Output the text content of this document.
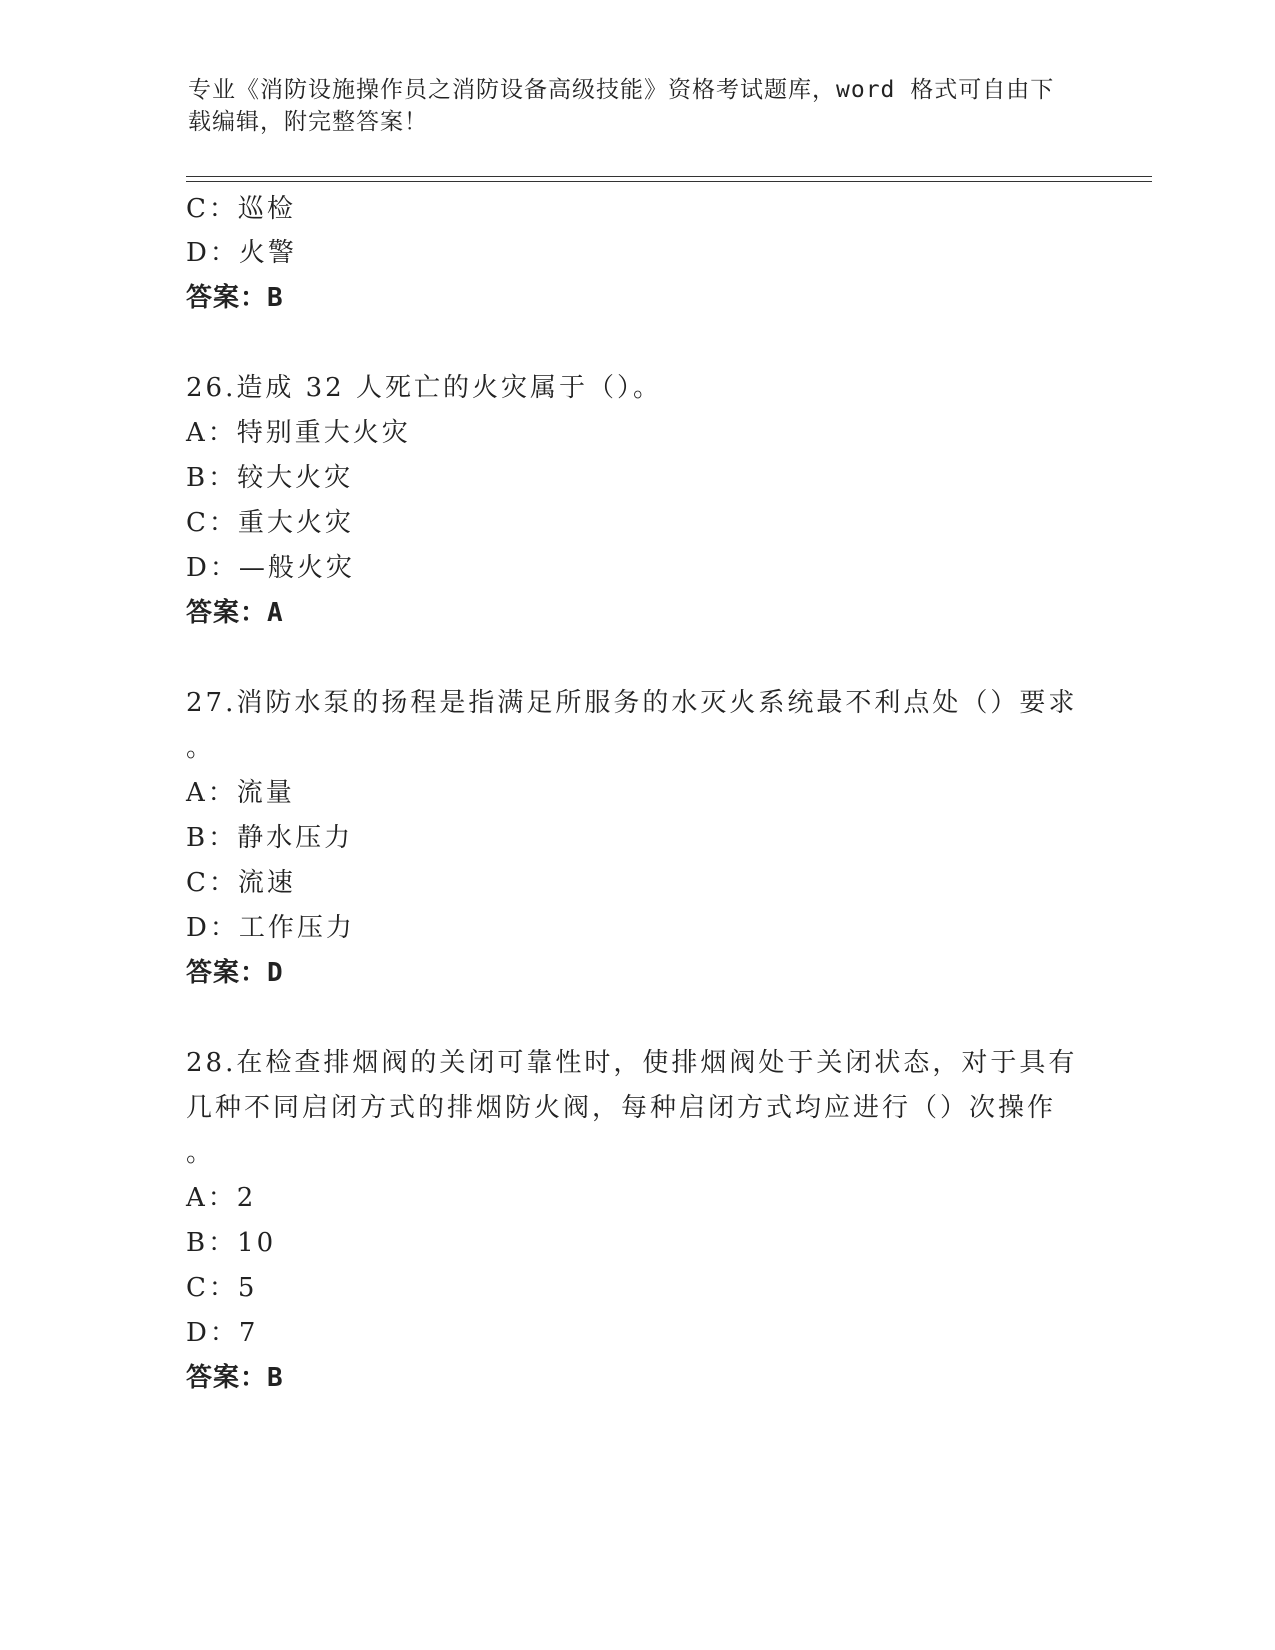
专业《消防设施操作员之消防设备高级技能》资格考试题库，word 格式可自由下
载编辑，附完整答案！
C：巡检
D：火警
答案：B
26.造成 32 人死亡的火灾属于（）。
A：特别重大火灾
B：较大火灾
C：重大火灾
D：—般火灾
答案：A
27.消防水泵的扬程是指满足所服务的水灭火系统最不利点处（）要求
。
A：流量
B：静水压力
C：流速
D：工作压力
答案：D
28.在检查排烟阀的关闭可靠性时，使排烟阀处于关闭状态，对于具有
几种不同启闭方式的排烟防火阀，每种启闭方式均应进行（）次操作
。
A：2
B：10
C：5
D：7
答案：B
